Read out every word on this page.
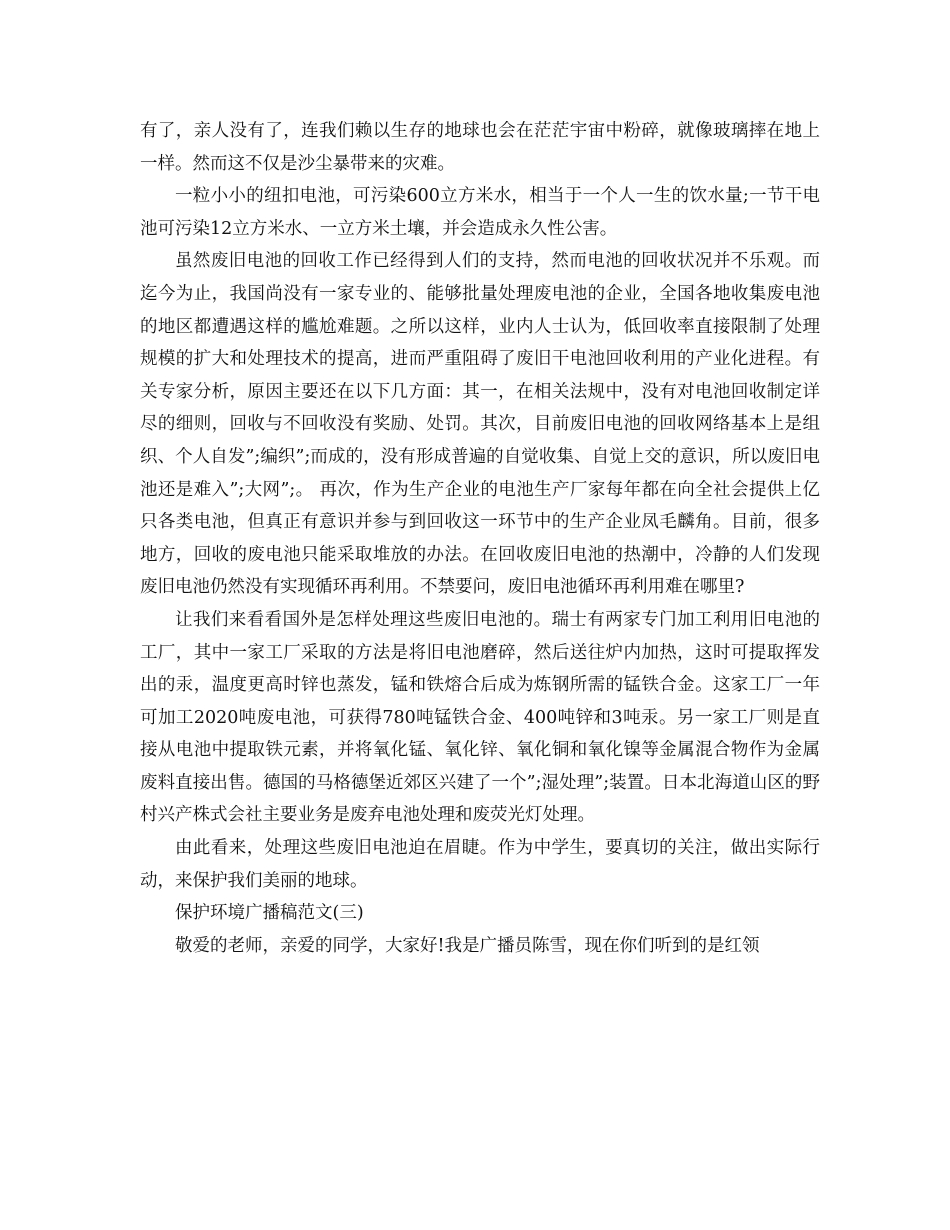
有了，亲人没有了，连我们赖以生存的地球也会在茫茫宇宙中粉碎，就像玻璃摔在地上一样。然而这不仅是沙尘暴带来的灾难。

一粒小小的纽扣电池，可污染600立方米水，相当于一个人一生的饮水量;一节干电池可污染12立方米水、一立方米土壤，并会造成永久性公害。

虽然废旧电池的回收工作已经得到人们的支持，然而电池的回收状况并不乐观。而迄今为止，我国尚没有一家专业的、能够批量处理废电池的企业，全国各地收集废电池的地区都遭遇这样的尴尬难题。之所以这样，业内人士认为，低回收率直接限制了处理规模的扩大和处理技术的提高，进而严重阻碍了废旧干电池回收利用的产业化进程。有关专家分析，原因主要还在以下几方面：其一，在相关法规中，没有对电池回收制定详尽的细则，回收与不回收没有奖励、处罚。其次，目前废旧电池的回收网络基本上是组织、个人自发”;编织”;而成的，没有形成普遍的自觉收集、自觉上交的意识，所以废旧电池还是难入”;大网”;。 再次，作为生产企业的电池生产厂家每年都在向全社会提供上亿只各类电池，但真正有意识并参与到回收这一环节中的生产企业凤毛麟角。目前，很多地方，回收的废电池只能采取堆放的办法。在回收废旧电池的热潮中，冷静的人们发现废旧电池仍然没有实现循环再利用。不禁要问，废旧电池循环再利用难在哪里?

让我们来看看国外是怎样处理这些废旧电池的。瑞士有两家专门加工利用旧电池的工厂，其中一家工厂采取的方法是将旧电池磨碎，然后送往炉内加热，这时可提取挥发出的汞，温度更高时锌也蒸发，锰和铁熔合后成为炼钢所需的锰铁合金。这家工厂一年可加工2020吨废电池，可获得780吨锰铁合金、400吨锌和3吨汞。另一家工厂则是直接从电池中提取铁元素，并将氧化锰、氧化锌、氧化铜和氧化镍等金属混合物作为金属废料直接出售。德国的马格德堡近郊区兴建了一个”;湿处理”;装置。日本北海道山区的野村兴产株式会社主要业务是废弃电池处理和废荧光灯处理。

由此看来，处理这些废旧电池迫在眉睫。作为中学生，要真切的关注，做出实际行动，来保护我们美丽的地球。

保护环境广播稿范文(三)

敬爱的老师，亲爱的同学，大家好!我是广播员陈雪，现在你们听到的是红领
